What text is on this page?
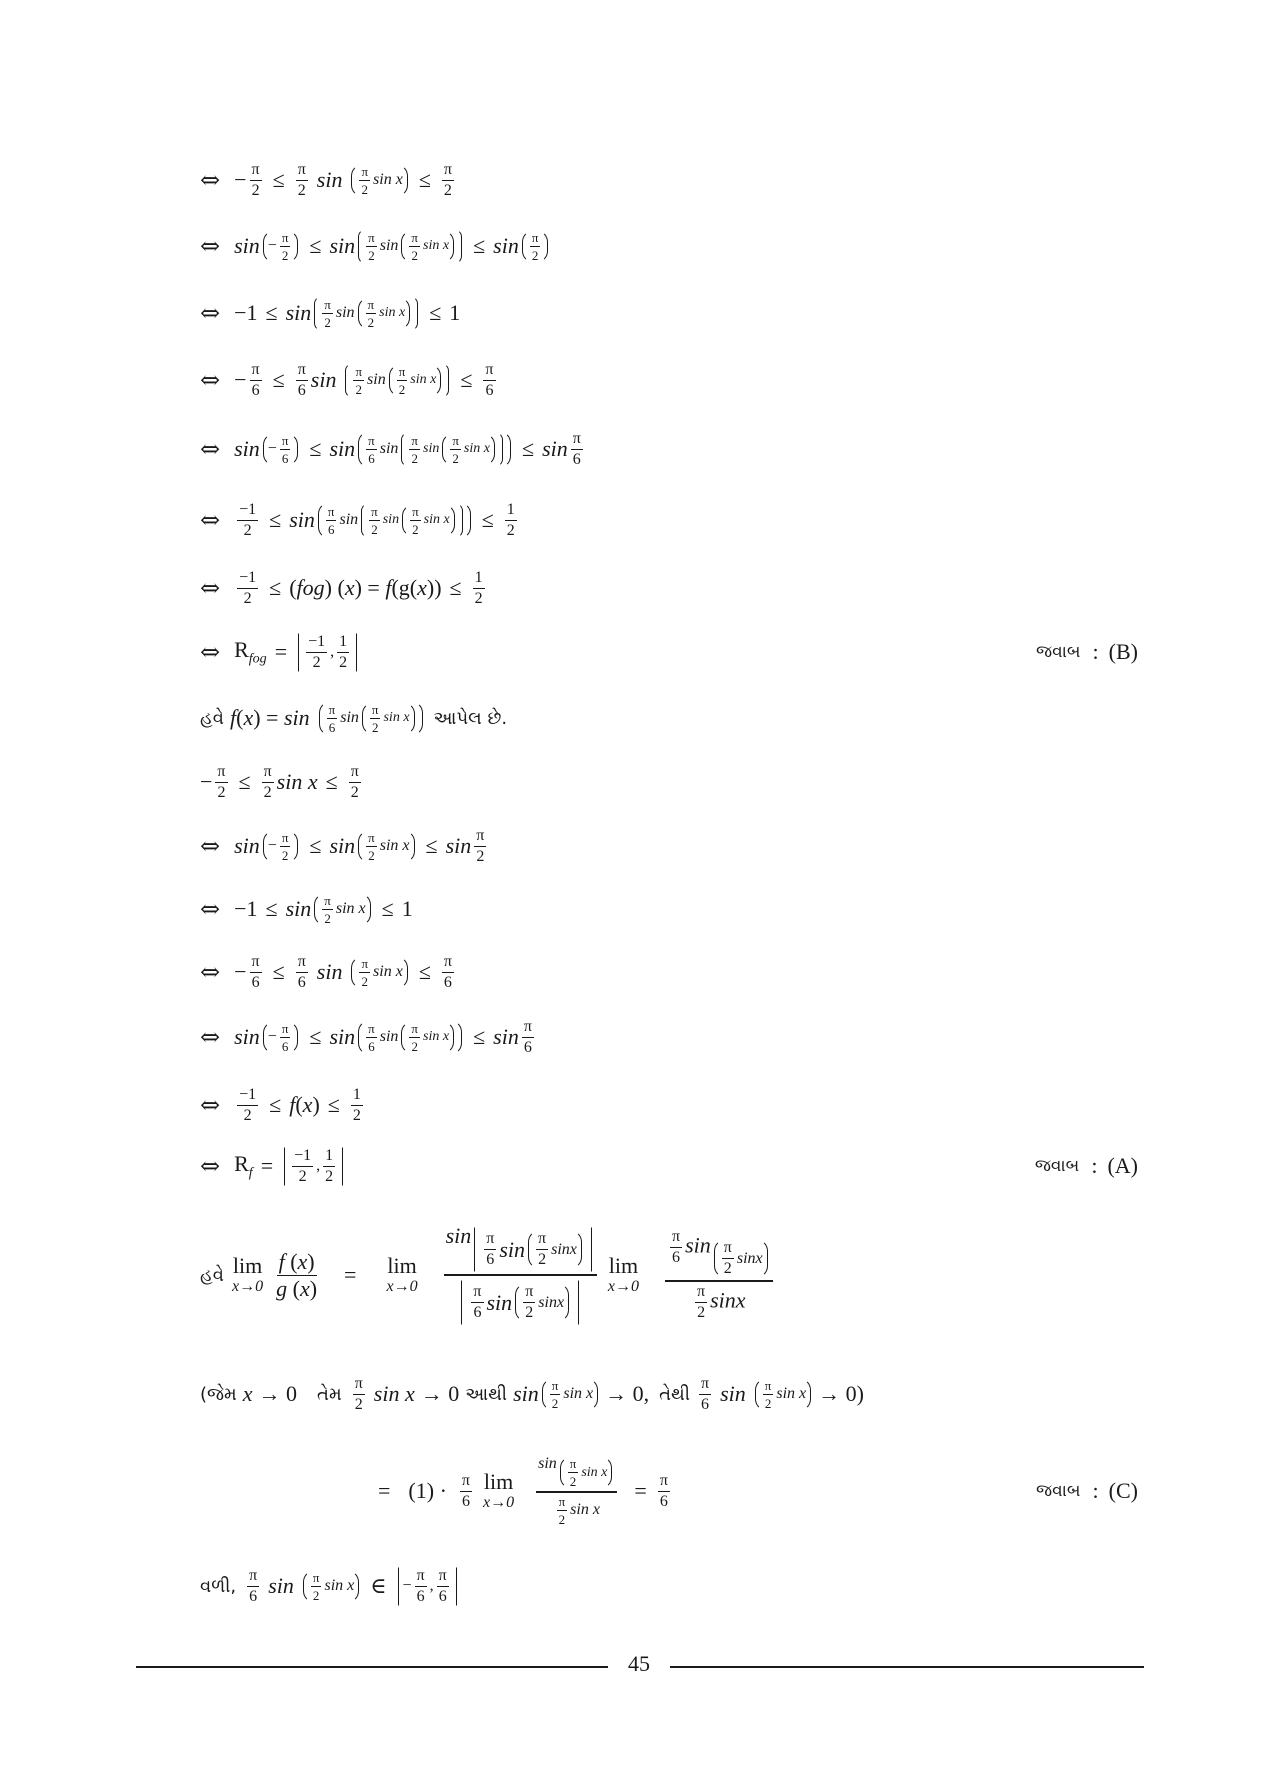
⇔ − $\frac{\pi}{2} \le \frac{\pi}{2}$ sin π
2
$\sin x \le \frac{\pi}{2}$
⇔ sin − π
2 ≤ sin π
2
sin π
2
sin x ≤ sin π
2
⇔ −1 ≤ sin π
2
sin π
2
sin x ≤ 1
⇔ − $\frac{\pi}{6} \le \frac{\pi}{6}$ sin π
2
sin π
2
$\sin x \le \frac{\pi}{6}$
⇔ sin − π
6 ≤ sin π
6
sin π
2
sin
π
2
sin x ≤ sin π
6
⇔ $\frac{-1}{2} \le \sin \pi$
6
sin π
2
sin
π
2
$\sin x \le \frac{1}{2}$
⇔ $\frac{-1}{2} \le (fog) (x) = f(g(x)) \le \frac{1}{2}$
⇔ $R_{fog} = -1$
2
,
1
2	જવાબ : (B)
હવે f(x) = sin π
6
sin π
2
sin x આપેલ છે.
− $\frac{\pi}{2} \le \frac{\pi}{2}$ $\sin x \le \frac{\pi}{2}$
⇔ sin − π
2 ≤ sin π
2
sin x ≤ sin π
2
⇔ −1 ≤ sin π
2
sin x ≤ 1
⇔ − $\frac{\pi}{6} \le \frac{\pi}{6}$ sin π
2
$\sin x \le \frac{\pi}{6}$
⇔ sin − π
6 ≤ sin π
6
sin π
2
sin x ≤ sin π
6
⇔ $\frac{-1}{2} \le f(x) \le \frac{1}{2}$
⇔ $R_f = -1$
2
,
1
2	જવાબ : (A)
હવે lim
$x\to 0 \frac{f (x)}{g (x)} = \lim$
x→0
sin π
6 sin π
2
sinx
π
6 sin π
2
sinx
lim
x→0
$\frac{\pi}{6}$ sin π
2
sinx
$\frac{\pi}{2}$ sinx
(જેમ x → 0 તેમ
π
2 sin x → 0 આથી sin π
2
sin x → 0, તેથી
π
6 sin π
2
sin x → 0)
= (1) · π
6
lim
x→0 sin π
2
sin x
$\frac{\pi}{2}$ $\sin x = \frac{\pi}{6}$	જવાબ : (C)
વળી,
π
6 sin π
2
sin x ∈	−
π
6
,
π
6
45
